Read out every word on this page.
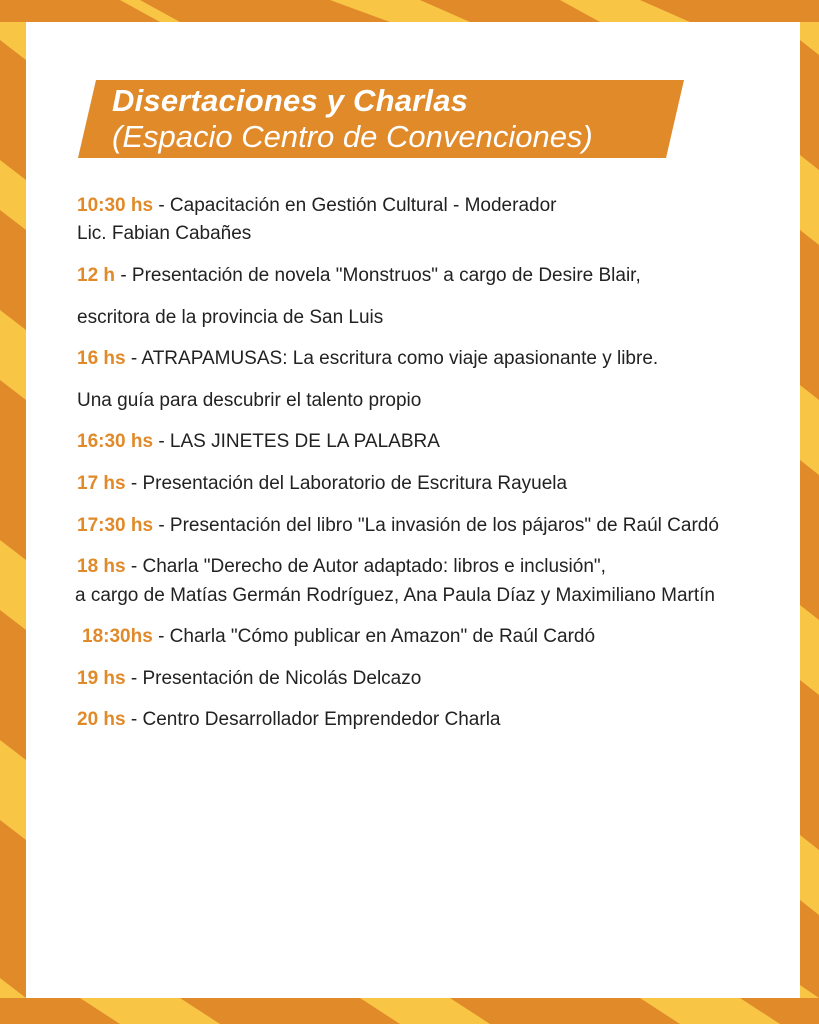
Disertaciones y Charlas
(Espacio Centro de Convenciones)
10:30 hs - Capacitación en Gestión Cultural - Moderador
Lic. Fabian Cabañes
12 h - Presentación de novela "Monstruos" a cargo de Desire Blair,
escritora de la provincia de San Luis
16 hs - ATRAPAMUSAS: La escritura como viaje apasionante y libre.
Una guía para descubrir el talento propio
16:30 hs - LAS JINETES DE LA PALABRA
17 hs - Presentación del Laboratorio de Escritura Rayuela
17:30 hs - Presentación del libro "La invasión de los pájaros" de Raúl Cardó
18 hs - Charla "Derecho de Autor adaptado: libros e inclusión",
a cargo de Matías Germán Rodríguez, Ana Paula Díaz y Maximiliano Martín
18:30hs - Charla "Cómo publicar en Amazon" de Raúl Cardó
19 hs - Presentación de Nicolás Delcazo
20 hs - Centro Desarrollador Emprendedor Charla
